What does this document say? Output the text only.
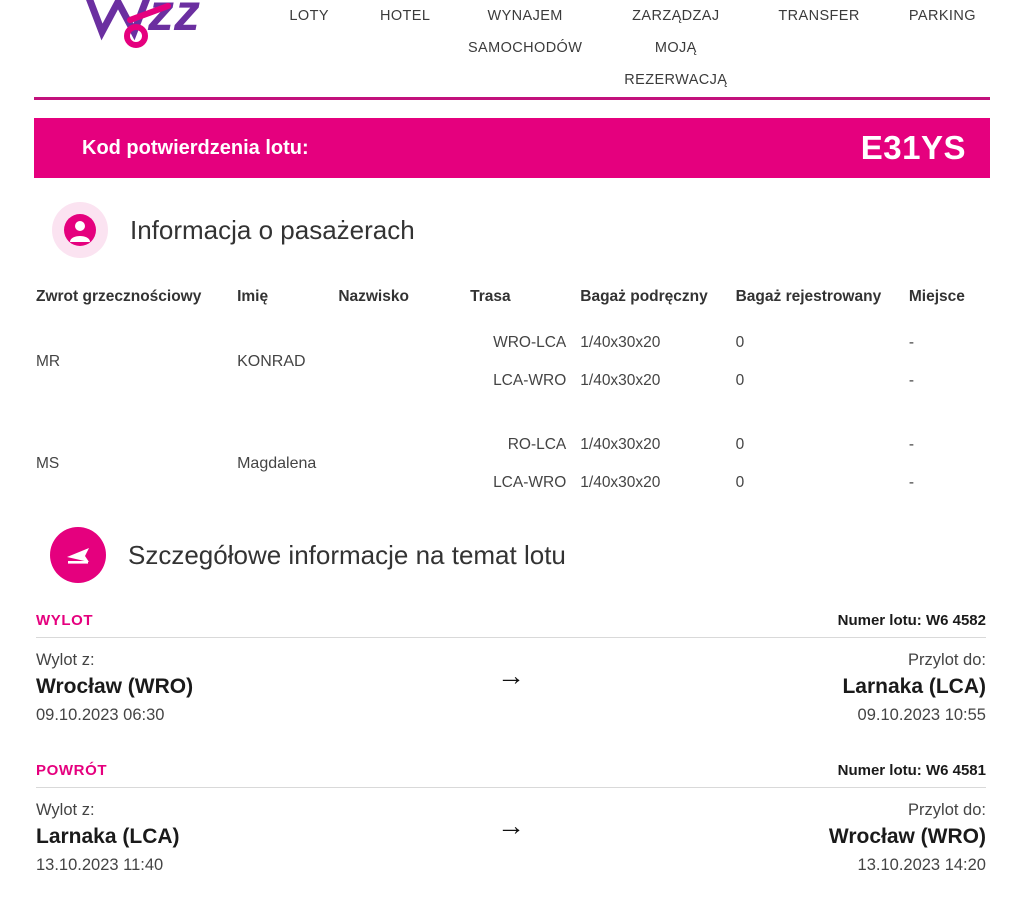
zz	LOTY	HOTEL	WYNAJEM SAMOCHODÓW
ZARZĄDZAJ MOJĄ REZERWACJĄ
TRANSFER	PARKING
Kod potwierdzenia lotu:	E31YS
Informacja o pasażerach
Zwrot grzecznościowy	Imię	Nazwisko	Trasa	Bagaż podręczny	Bagaż rejestrowany	Miejsce
MR	KONRAD		WRO-LCA	1/40x30x20	0	-
			LCA-WRO	1/40x30x20	0	-

MS	Magdalena		RO-LCA	1/40x30x20	0	-
			LCA-WRO	1/40x30x20	0	-
Szczegółowe informacje na temat lotu
WYLOT	Numer lotu: W6 4582
Wylot z:
Wrocław (WRO)
09.10.2023 06:30
→	Przylot do:
Larnaka (LCA)
09.10.2023 10:55
POWRÓT	Numer lotu: W6 4581
Wylot z:
Larnaka (LCA)
13.10.2023 11:40
→	Przylot do:
Wrocław (WRO)
13.10.2023 14:20
